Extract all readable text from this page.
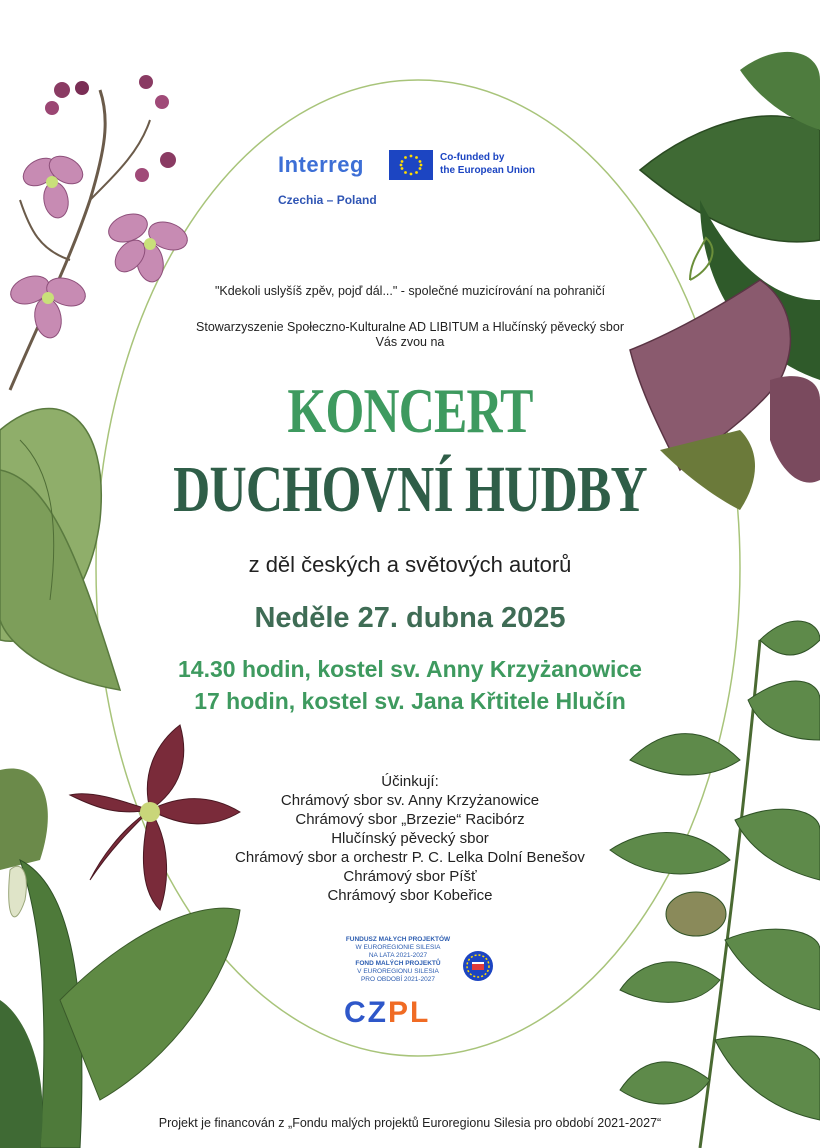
Interreg	Co-funded by
the European Union
Czechia – Poland
"Kdekoli uslyšíš zpěv, pojď dál..." - společné muzicírování na pohraničí
Stowarzyszenie Społeczno-Kulturalne AD LIBITUM a Hlučínský pěvecký sbor
Vás zvou na
KONCERT
DUCHOVNÍ HUDBY
z děl českých a světových autorů
Neděle 27. dubna 2025
14.30 hodin, kostel sv. Anny Krzyżanowice
17 hodin, kostel sv. Jana Křtitele Hlučín
Účinkují:
Chrámový sbor sv. Anny Krzyżanowice
Chrámový sbor „Brzezie“ Racibórz
Hlučínský pěvecký sbor
Chrámový sbor a orchestr P. C. Lelka Dolní Benešov
Chrámový sbor Píšť
Chrámový sbor Kobeřice
FUNDUSZ MAŁYCH PROJEKTÓW
W EUROREGIONIE SILESIA
NA LATA 2021-2027
FOND MALÝCH PROJEKTŮ
V EUROREGIONU SILESIA
PRO OBDOBÍ 2021-2027
CZPL
Projekt je financován z „Fondu malých projektů Euroregionu Silesia pro období 2021-2027“
